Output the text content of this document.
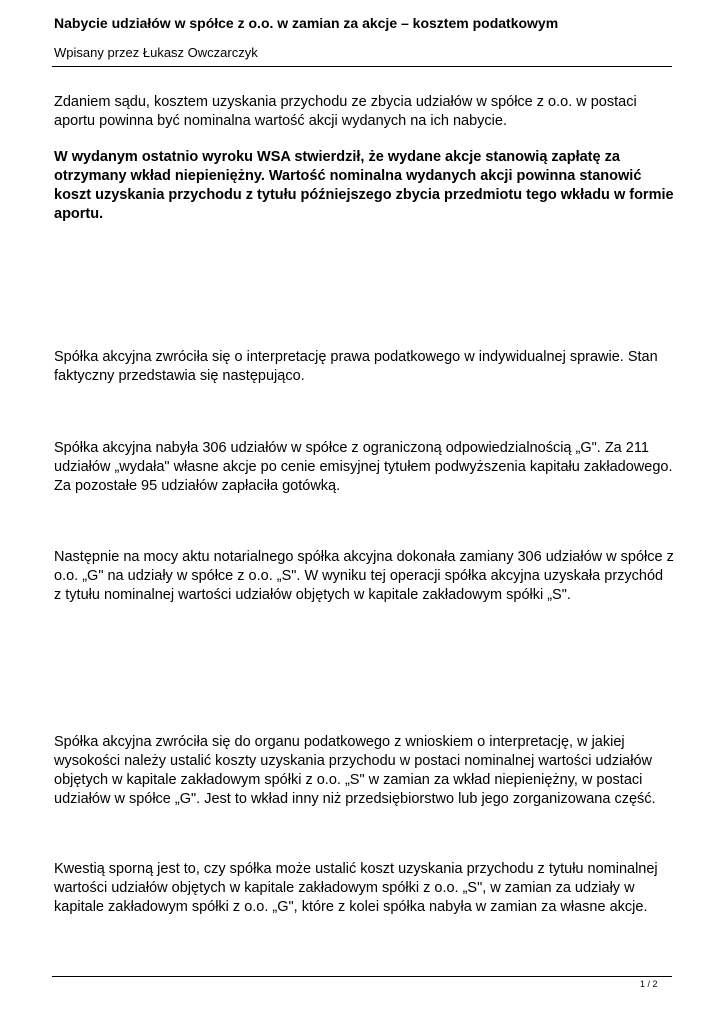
Nabycie udziałów w spółce z o.o. w zamian za akcje – kosztem podatkowym
Wpisany przez Łukasz Owczarczyk

Zdaniem sądu, kosztem uzyskania przychodu ze zbycia udziałów w spółce z o.o. w postaci aportu powinna być nominalna wartość akcji wydanych na ich nabycie.

W wydanym ostatnio wyroku WSA stwierdził, że wydane akcje stanowią zapłatę za otrzymany wkład niepieniężny. Wartość nominalna wydanych akcji powinna stanowić koszt uzyskania przychodu z tytułu późniejszego zbycia przedmiotu tego wkładu w formie aportu.

Spółka akcyjna zwróciła się o interpretację prawa podatkowego w indywidualnej sprawie. Stan faktyczny przedstawia się następująco.

Spółka akcyjna nabyła 306 udziałów w spółce z ograniczoną odpowiedzialnością „G". Za 211 udziałów „wydała" własne akcje po cenie emisyjnej tytułem podwyższenia kapitału zakładowego. Za pozostałe 95 udziałów zapłaciła gotówką.

Następnie na mocy aktu notarialnego spółka akcyjna dokonała zamiany 306 udziałów w spółce z o.o. „G" na udziały w spółce z o.o. „S". W wyniku tej operacji spółka akcyjna uzyskała przychód z tytułu nominalnej wartości udziałów objętych w kapitale zakładowym spółki „S".

Spółka akcyjna zwróciła się do organu podatkowego z wnioskiem o interpretację, w jakiej wysokości należy ustalić koszty uzyskania przychodu w postaci nominalnej wartości udziałów objętych w kapitale zakładowym spółki z o.o. „S" w zamian za wkład niepieniężny, w postaci udziałów w spółce „G". Jest to wkład inny niż przedsiębiorstwo lub jego zorganizowana część.

Kwestią sporną jest to, czy spółka może ustalić koszt uzyskania przychodu z tytułu nominalnej wartości udziałów objętych w kapitale zakładowym spółki z o.o. „S", w zamian za udziały w kapitale zakładowym spółki z o.o. „G", które z kolei spółka nabyła w zamian za własne akcje.

1 / 2
